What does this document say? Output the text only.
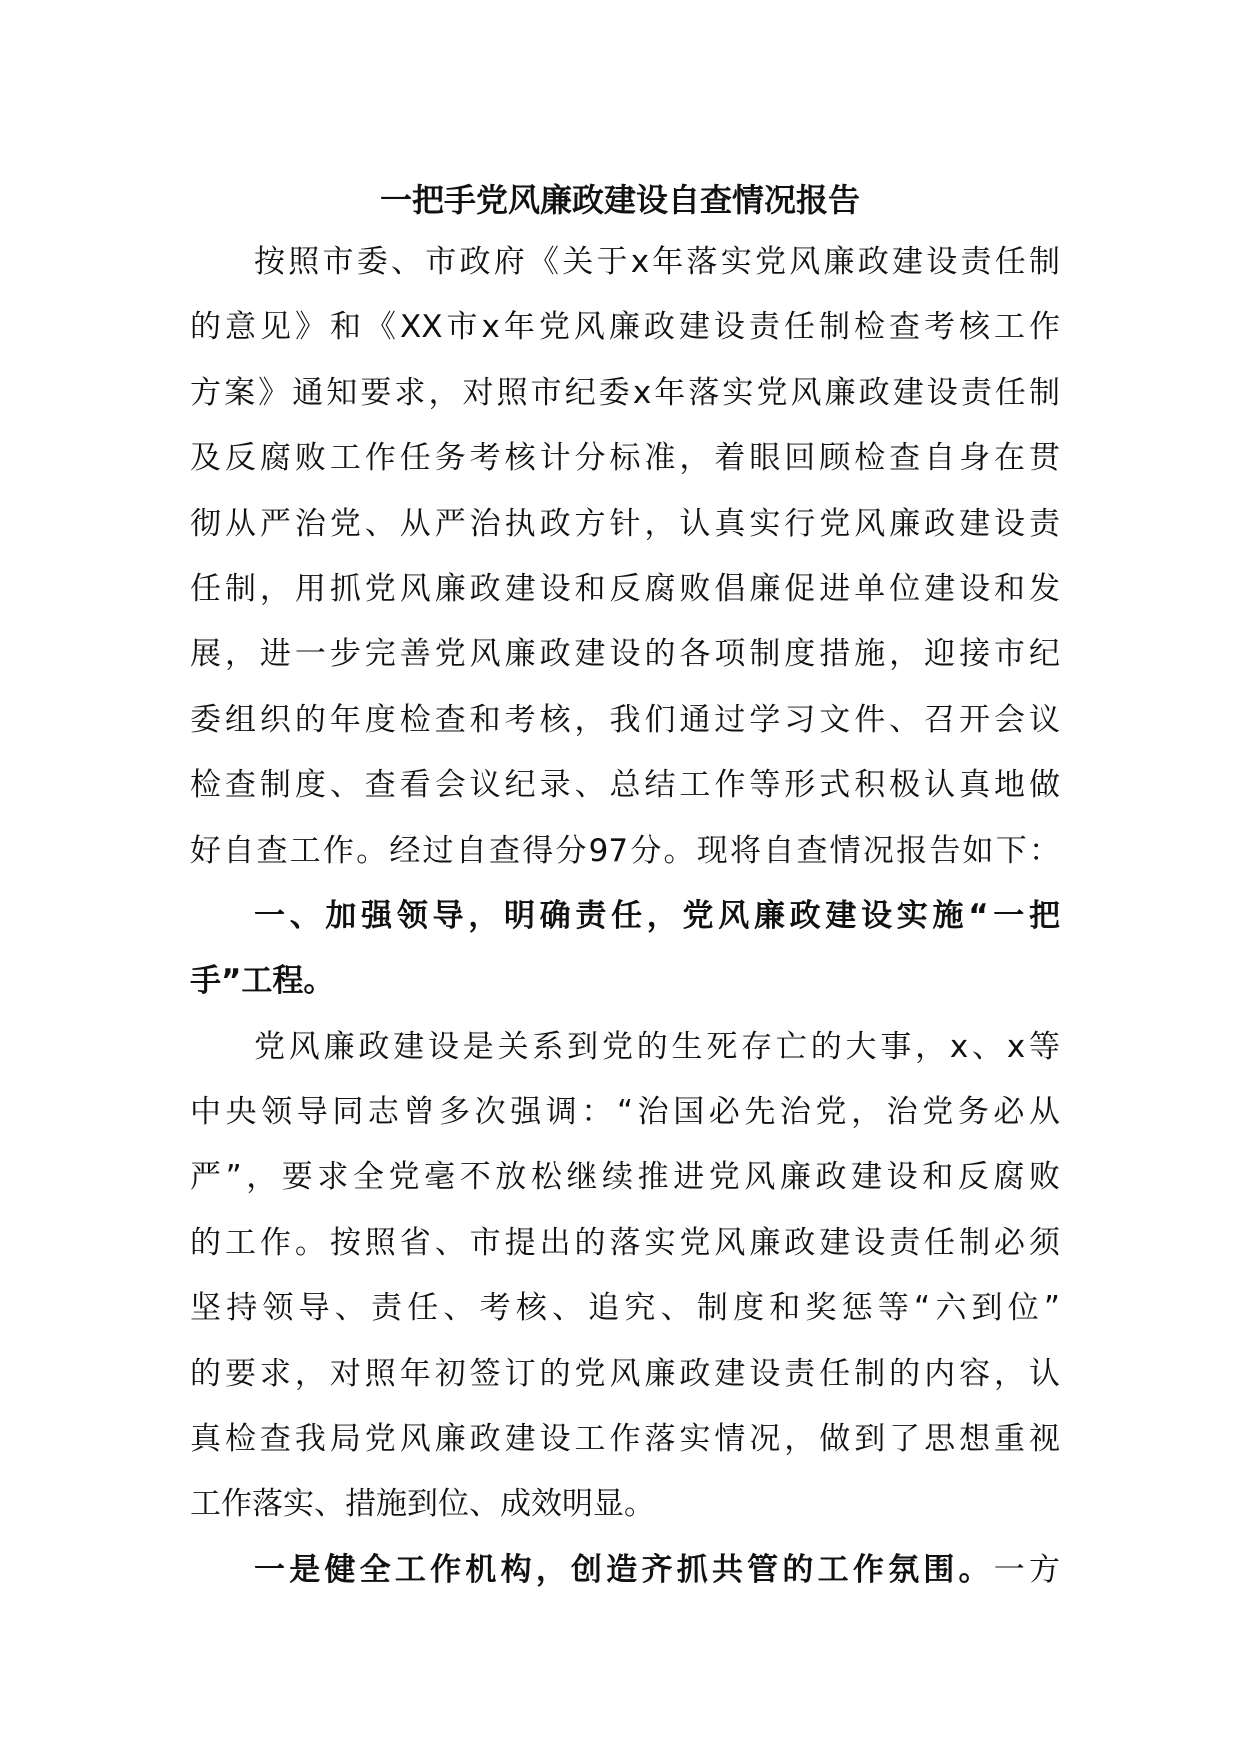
一把手党风廉政建设自查情况报告
按照市委、市政府《关于x年落实党风廉政建设责任制
的意见》和《XX市x年党风廉政建设责任制检查考核工作
方案》通知要求，对照市纪委x年落实党风廉政建设责任制
及反腐败工作任务考核计分标准，着眼回顾检查自身在贯
彻从严治党、从严治执政方针，认真实行党风廉政建设责
任制，用抓党风廉政建设和反腐败倡廉促进单位建设和发
展，进一步完善党风廉政建设的各项制度措施，迎接市纪
委组织的年度检查和考核，我们通过学习文件、召开会议
检查制度、查看会议纪录、总结工作等形式积极认真地做
好自查工作。经过自查得分97分。现将自查情况报告如下：
一、加强领导，明确责任，党风廉政建设实施“一把
手”工程。
党风廉政建设是关系到党的生死存亡的大事，x、x等
中央领导同志曾多次强调：“治国必先治党，治党务必从
严”，要求全党毫不放松继续推进党风廉政建设和反腐败
的工作。按照省、市提出的落实党风廉政建设责任制必须
坚持领导、责任、考核、追究、制度和奖惩等“六到位”
的要求，对照年初签订的党风廉政建设责任制的内容，认
真检查我局党风廉政建设工作落实情况，做到了思想重视
工作落实、措施到位、成效明显。
一是健全工作机构，创造齐抓共管的工作氛围。一方
